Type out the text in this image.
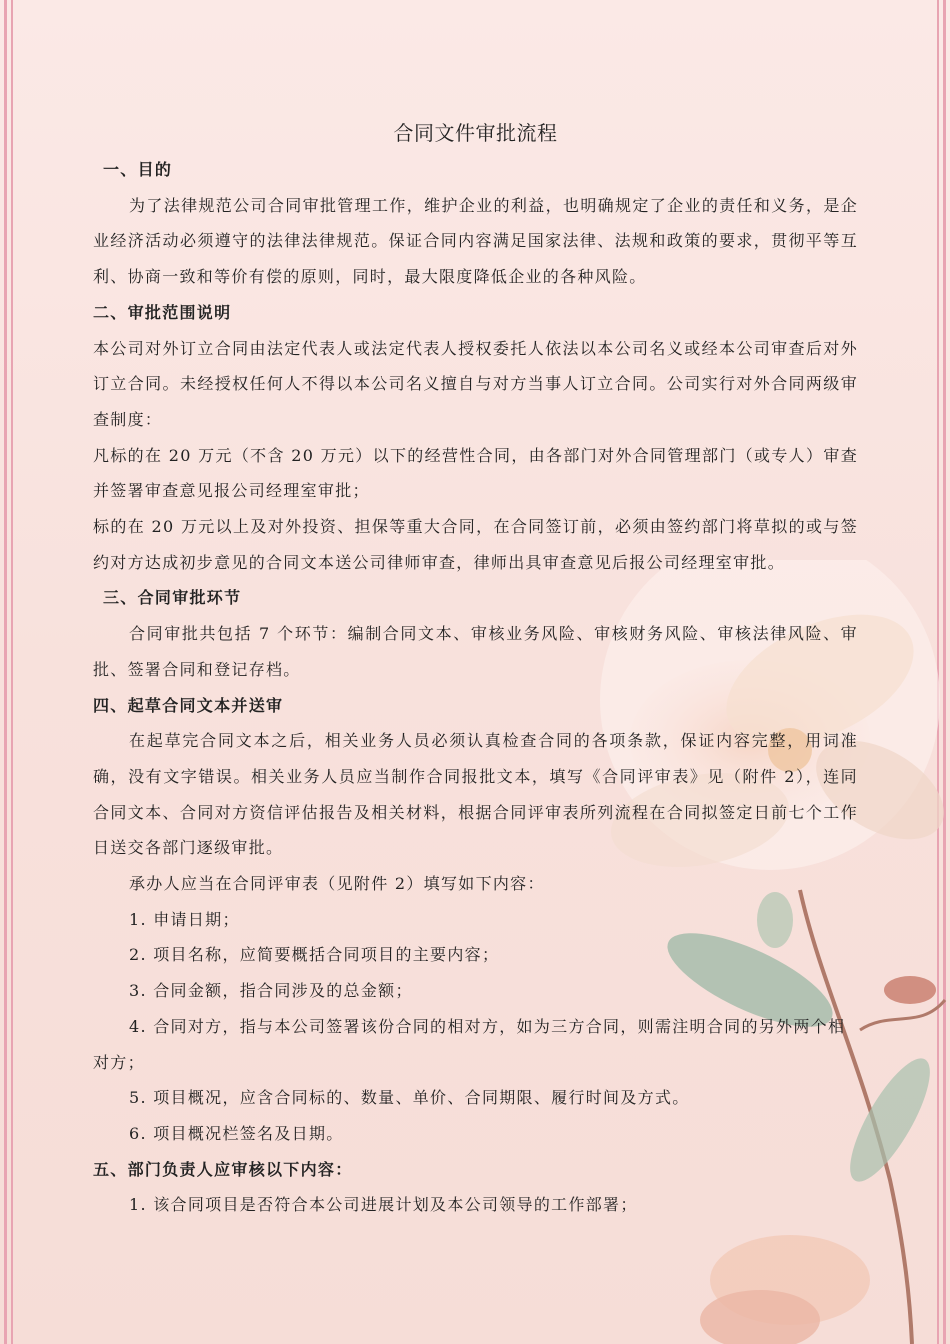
合同文件审批流程

一、目的

为了法律规范公司合同审批管理工作，维护企业的利益，也明确规定了企业的责任和义务，是企业经济活动必须遵守的法律法律规范。保证合同内容满足国家法律、法规和政策的要求，贯彻平等互利、协商一致和等价有偿的原则，同时，最大限度降低企业的各种风险。

二、审批范围说明

本公司对外订立合同由法定代表人或法定代表人授权委托人依法以本公司名义或经本公司审查后对外订立合同。未经授权任何人不得以本公司名义擅自与对方当事人订立合同。公司实行对外合同两级审查制度：

凡标的在 20 万元（不含 20 万元）以下的经营性合同，由各部门对外合同管理部门（或专人）审查并签署审查意见报公司经理室审批；

标的在 20 万元以上及对外投资、担保等重大合同，在合同签订前，必须由签约部门将草拟的或与签约对方达成初步意见的合同文本送公司律师审查，律师出具审查意见后报公司经理室审批。

三、合同审批环节

合同审批共包括 7 个环节：编制合同文本、审核业务风险、审核财务风险、审核法律风险、审批、签署合同和登记存档。

四、起草合同文本并送审

在起草完合同文本之后，相关业务人员必须认真检查合同的各项条款，保证内容完整，用词准确，没有文字错误。相关业务人员应当制作合同报批文本，填写《合同评审表》见（附件 2），连同合同文本、合同对方资信评估报告及相关材料，根据合同评审表所列流程在合同拟签定日前七个工作日送交各部门逐级审批。

承办人应当在合同评审表（见附件 2）填写如下内容：

1. 申请日期；

2. 项目名称，应简要概括合同项目的主要内容；

3. 合同金额，指合同涉及的总金额；

4. 合同对方，指与本公司签署该份合同的相对方，如为三方合同，则需注明合同的另外两个相对方；

5. 项目概况，应含合同标的、数量、单价、合同期限、履行时间及方式。

6. 项目概况栏签名及日期。

五、部门负责人应审核以下内容：

1. 该合同项目是否符合本公司进展计划及本公司领导的工作部署；
